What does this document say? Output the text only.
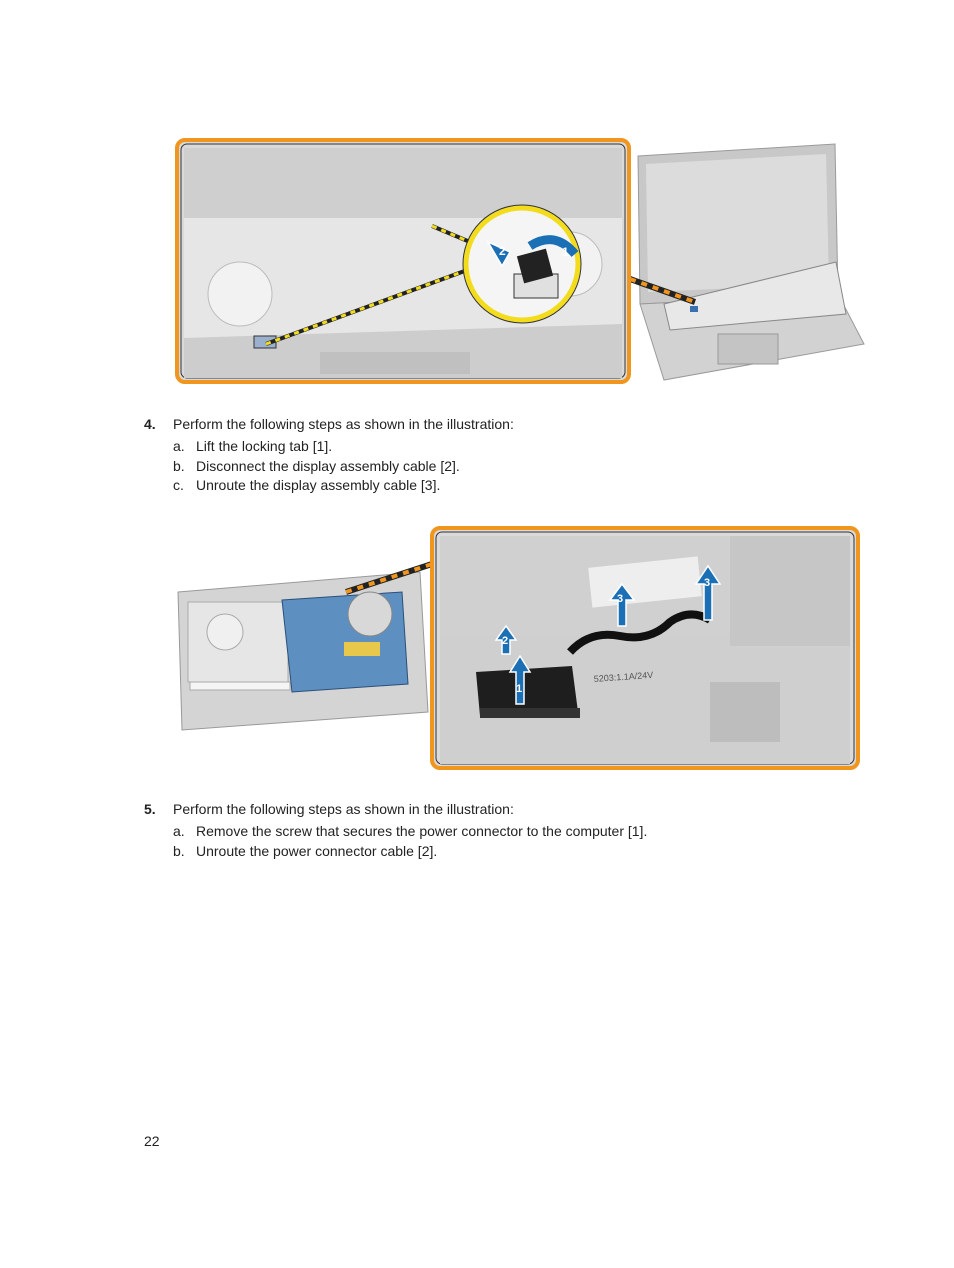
2	1
4. Perform the following steps as shown in the illustration:
a. Lift the locking tab [1].
b. Disconnect the display assembly cable [2].
c. Unroute the display assembly cable [3].
2
1
3
3
5203:1.1A/24V
5. Perform the following steps as shown in the illustration:
a. Remove the screw that secures the power connector to the computer [1].
b. Unroute the power connector cable [2].
22
